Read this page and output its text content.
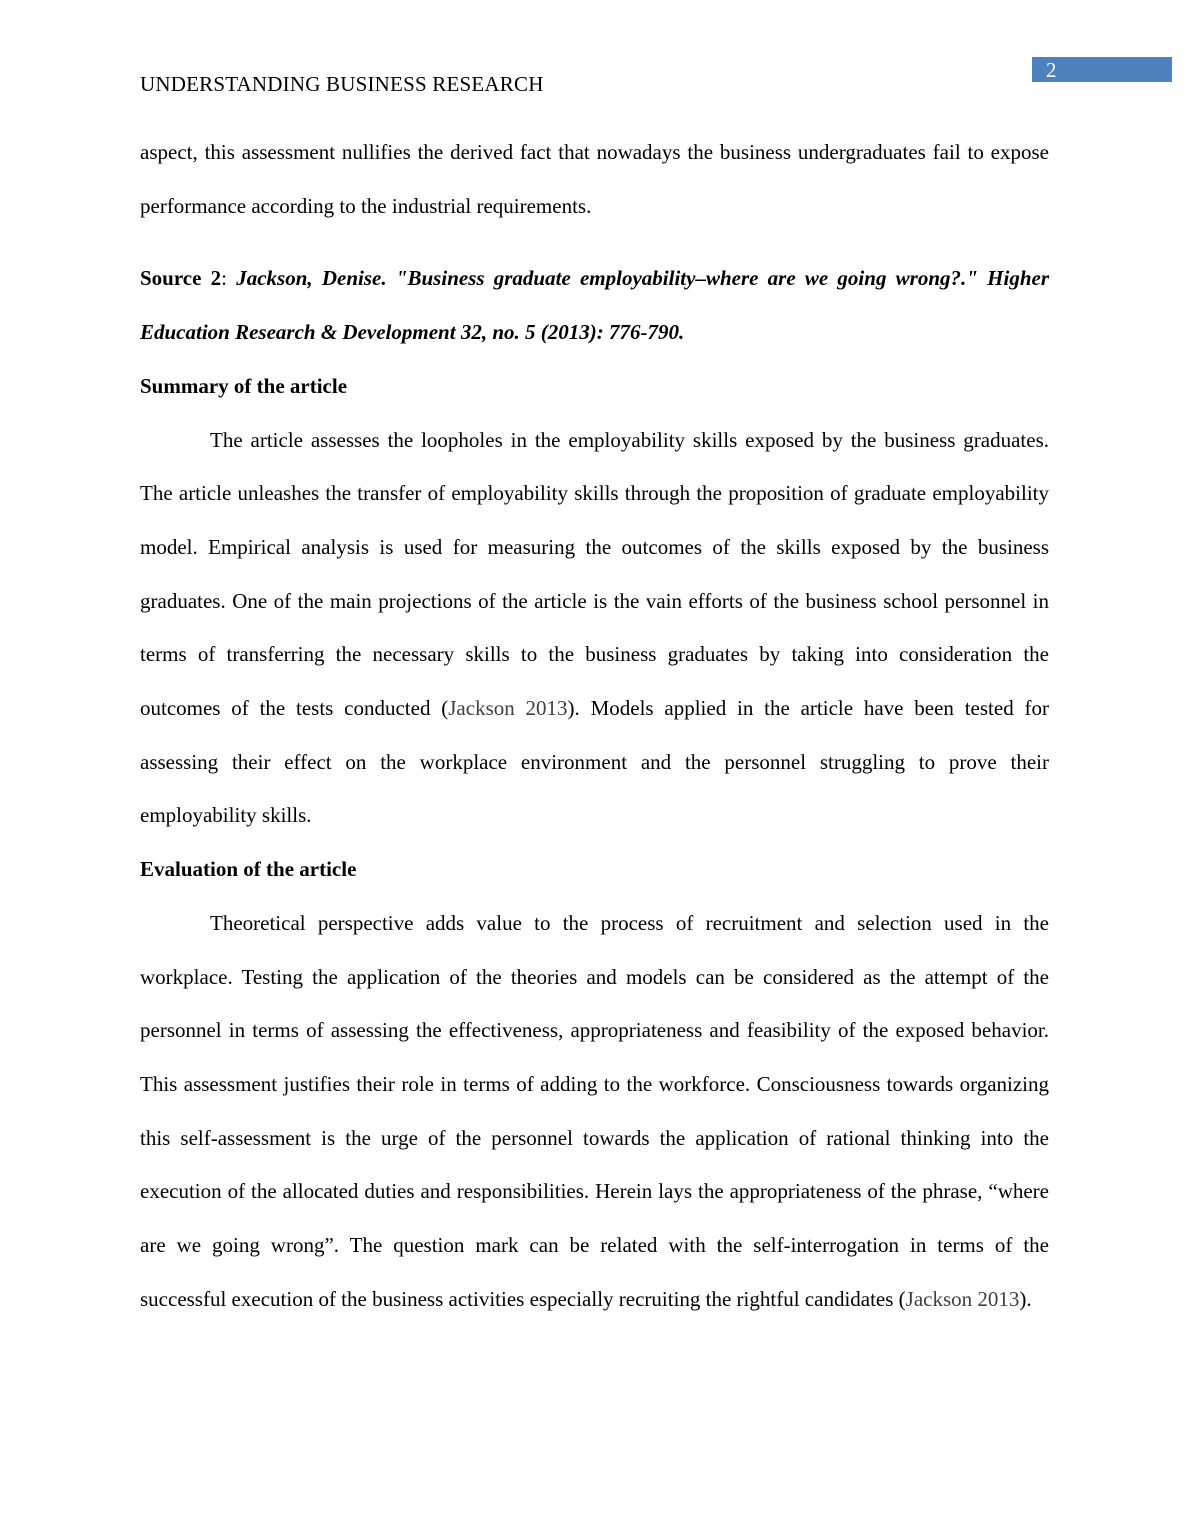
UNDERSTANDING BUSINESS RESEARCH
2

aspect, this assessment nullifies the derived fact that nowadays the business undergraduates fail to expose performance according to the industrial requirements.

Source 2: Jackson, Denise. "Business graduate employability–where are we going wrong?." Higher Education Research & Development 32, no. 5 (2013): 776-790.

Summary of the article

The article assesses the loopholes in the employability skills exposed by the business graduates. The article unleashes the transfer of employability skills through the proposition of graduate employability model. Empirical analysis is used for measuring the outcomes of the skills exposed by the business graduates. One of the main projections of the article is the vain efforts of the business school personnel in terms of transferring the necessary skills to the business graduates by taking into consideration the outcomes of the tests conducted (Jackson 2013). Models applied in the article have been tested for assessing their effect on the workplace environment and the personnel struggling to prove their employability skills.

Evaluation of the article

Theoretical perspective adds value to the process of recruitment and selection used in the workplace. Testing the application of the theories and models can be considered as the attempt of the personnel in terms of assessing the effectiveness, appropriateness and feasibility of the exposed behavior. This assessment justifies their role in terms of adding to the workforce. Consciousness towards organizing this self-assessment is the urge of the personnel towards the application of rational thinking into the execution of the allocated duties and responsibilities. Herein lays the appropriateness of the phrase, “where are we going wrong”. The question mark can be related with the self-interrogation in terms of the successful execution of the business activities especially recruiting the rightful candidates (Jackson 2013).
